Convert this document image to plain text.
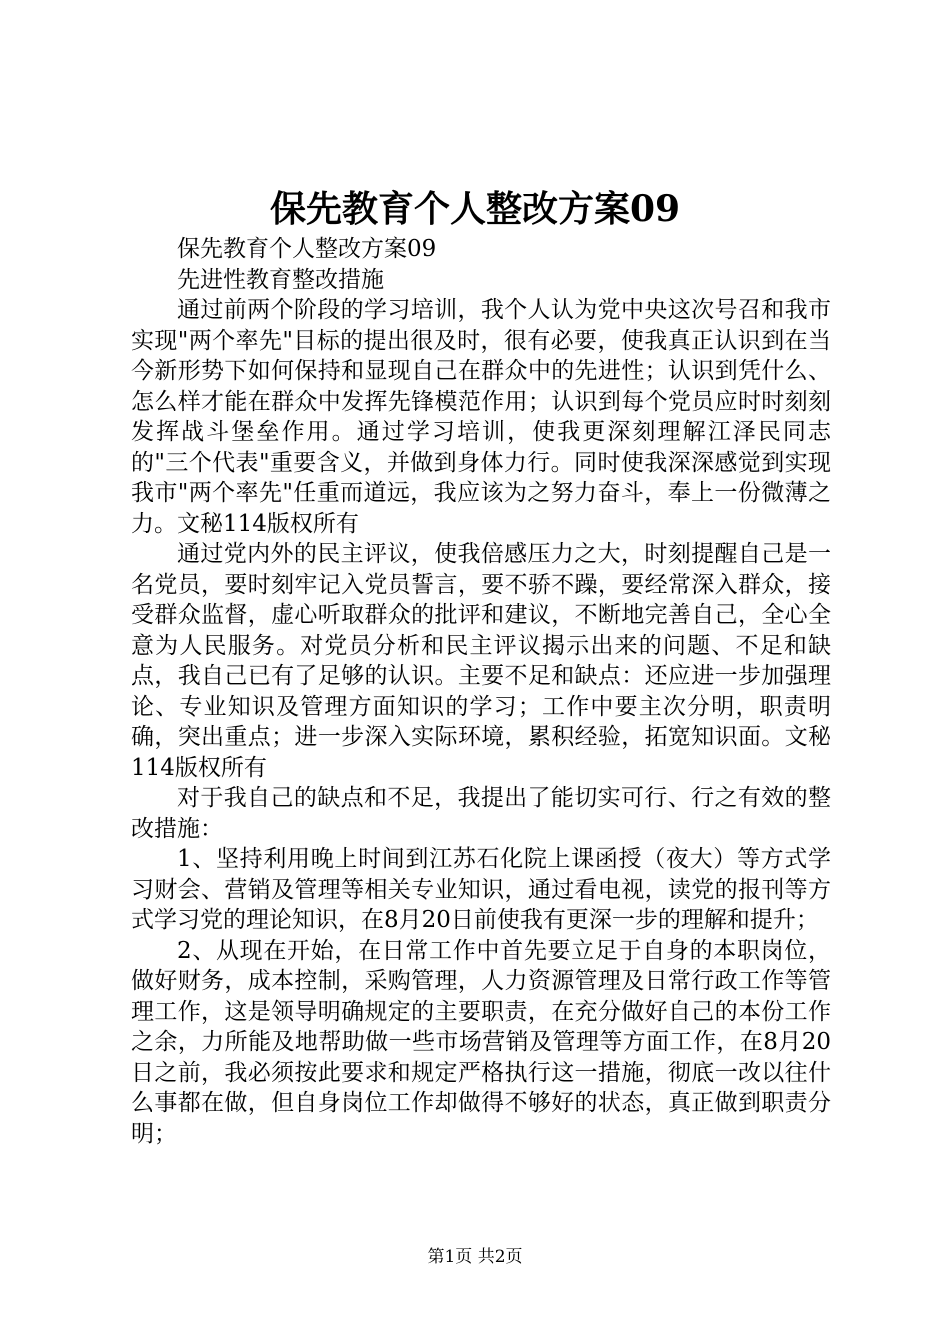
保先教育个人整改方案09

保先教育个人整改方案09

先进性教育整改措施

通过前两个阶段的学习培训，我个人认为党中央这次号召和我市实现"两个率先"目标的提出很及时，很有必要，使我真正认识到在当今新形势下如何保持和显现自己在群众中的先进性；认识到凭什么、怎么样才能在群众中发挥先锋模范作用；认识到每个党员应时时刻刻发挥战斗堡垒作用。通过学习培训，使我更深刻理解江泽民同志的"三个代表"重要含义，并做到身体力行。同时使我深深感觉到实现我市"两个率先"任重而道远，我应该为之努力奋斗，奉上一份微薄之力。文秘114版权所有

通过党内外的民主评议，使我倍感压力之大，时刻提醒自己是一名党员，要时刻牢记入党员誓言，要不骄不躁，要经常深入群众，接受群众监督，虚心听取群众的批评和建议，不断地完善自己，全心全意为人民服务。对党员分析和民主评议揭示出来的问题、不足和缺点，我自己已有了足够的认识。主要不足和缺点：还应进一步加强理论、专业知识及管理方面知识的学习；工作中要主次分明，职责明确，突出重点；进一步深入实际环境，累积经验，拓宽知识面。文秘114版权所有

对于我自己的缺点和不足，我提出了能切实可行、行之有效的整改措施：

1、坚持利用晚上时间到江苏石化院上课函授（夜大）等方式学习财会、营销及管理等相关专业知识，通过看电视，读党的报刊等方式学习党的理论知识，在8月20日前使我有更深一步的理解和提升；

2、从现在开始，在日常工作中首先要立足于自身的本职岗位，做好财务，成本控制，采购管理，人力资源管理及日常行政工作等管理工作，这是领导明确规定的主要职责，在充分做好自己的本份工作之余，力所能及地帮助做一些市场营销及管理等方面工作，在8月20日之前，我必须按此要求和规定严格执行这一措施，彻底一改以往什么事都在做，但自身岗位工作却做得不够好的状态，真正做到职责分明；

第1页 共2页
